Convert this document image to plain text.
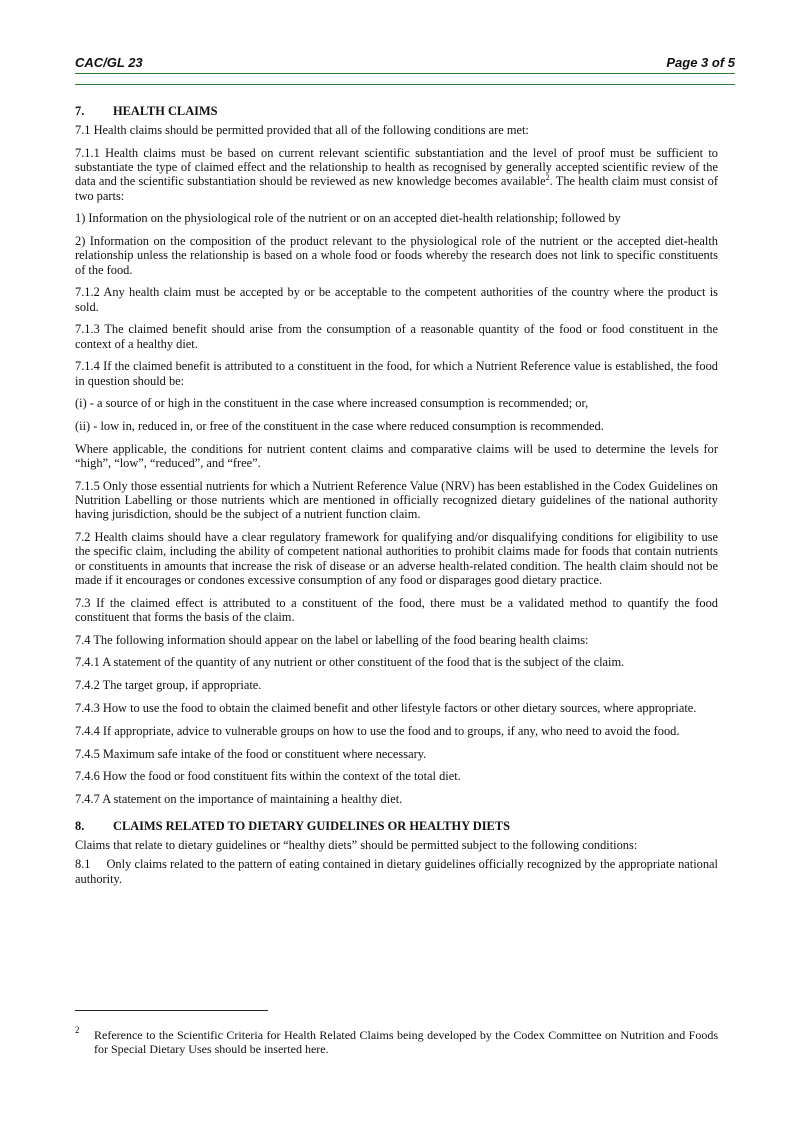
CAC/GL 23	Page 3 of 5
7.	HEALTH CLAIMS

7.1 Health claims should be permitted provided that all of the following conditions are met:

7.1.1 Health claims must be based on current relevant scientific substantiation and the level of proof must be sufficient to substantiate the type of claimed effect and the relationship to health as recognised by generally accepted scientific review of the data and the scientific substantiation should be reviewed as new knowledge becomes available$^2$. The health claim must consist of two parts:

1) Information on the physiological role of the nutrient or on an accepted diet-health relationship; followed by

2) Information on the composition of the product relevant to the physiological role of the nutrient or the accepted diet-health relationship unless the relationship is based on a whole food or foods whereby the research does not link to specific constituents of the food.

7.1.2 Any health claim must be accepted by or be acceptable to the competent authorities of the country where the product is sold.

7.1.3 The claimed benefit should arise from the consumption of a reasonable quantity of the food or food constituent in the context of a healthy diet.

7.1.4 If the claimed benefit is attributed to a constituent in the food, for which a Nutrient Reference value is established, the food in question should be:

(i) - a source of or high in the constituent in the case where increased consumption is recommended; or,

(ii) - low in, reduced in, or free of the constituent in the case where reduced consumption is recommended.

Where applicable, the conditions for nutrient content claims and comparative claims will be used to determine the levels for “high”, “low”, “reduced”, and “free”.

7.1.5 Only those essential nutrients for which a Nutrient Reference Value (NRV) has been established in the Codex Guidelines on Nutrition Labelling or those nutrients which are mentioned in officially recognized dietary guidelines of the national authority having jurisdiction, should be the subject of a nutrient function claim.

7.2 Health claims should have a clear regulatory framework for qualifying and/or disqualifying conditions for eligibility to use the specific claim, including the ability of competent national authorities to prohibit claims made for foods that contain nutrients or constituents in amounts that increase the risk of disease or an adverse health-related condition. The health claim should not be made if it encourages or condones excessive consumption of any food or disparages good dietary practice.

7.3 If the claimed effect is attributed to a constituent of the food, there must be a validated method to quantify the food constituent that forms the basis of the claim.

7.4 The following information should appear on the label or labelling of the food bearing health claims:

7.4.1 A statement of the quantity of any nutrient or other constituent of the food that is the subject of the claim.

7.4.2 The target group, if appropriate.

7.4.3 How to use the food to obtain the claimed benefit and other lifestyle factors or other dietary sources, where appropriate.

7.4.4 If appropriate, advice to vulnerable groups on how to use the food and to groups, if any, who need to avoid the food.

7.4.5 Maximum safe intake of the food or constituent where necessary.

7.4.6 How the food or food constituent fits within the context of the total diet.

7.4.7 A statement on the importance of maintaining a healthy diet.

8.	CLAIMS RELATED TO DIETARY GUIDELINES OR HEALTHY DIETS

Claims that relate to dietary guidelines or “healthy diets” should be permitted subject to the following conditions:

8.1     Only claims related to the pattern of eating contained in dietary guidelines officially recognized by the appropriate national authority.

2	Reference to the Scientific Criteria for Health Related Claims being developed by the Codex Committee on Nutrition and Foods for Special Dietary Uses should be inserted here.
